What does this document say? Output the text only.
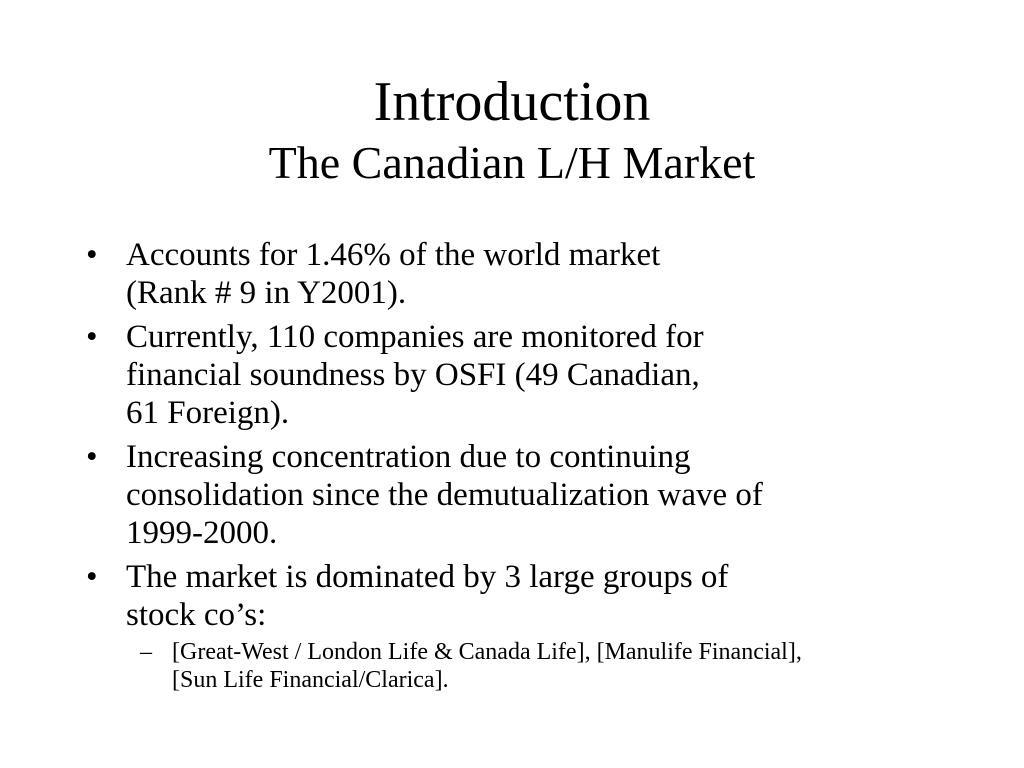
Introduction
The Canadian L/H Market
• Accounts for 1.46% of the world market
(Rank # 9 in Y2001).
• Currently, 110 companies are monitored for
financial soundness by OSFI (49 Canadian,
61 Foreign).
• Increasing concentration due to continuing
consolidation since the demutualization wave of
1999-2000.
• The market is dominated by 3 large groups of
stock co’s:
– [Great-West / London Life & Canada Life], [Manulife Financial],
[Sun Life Financial/Clarica].
